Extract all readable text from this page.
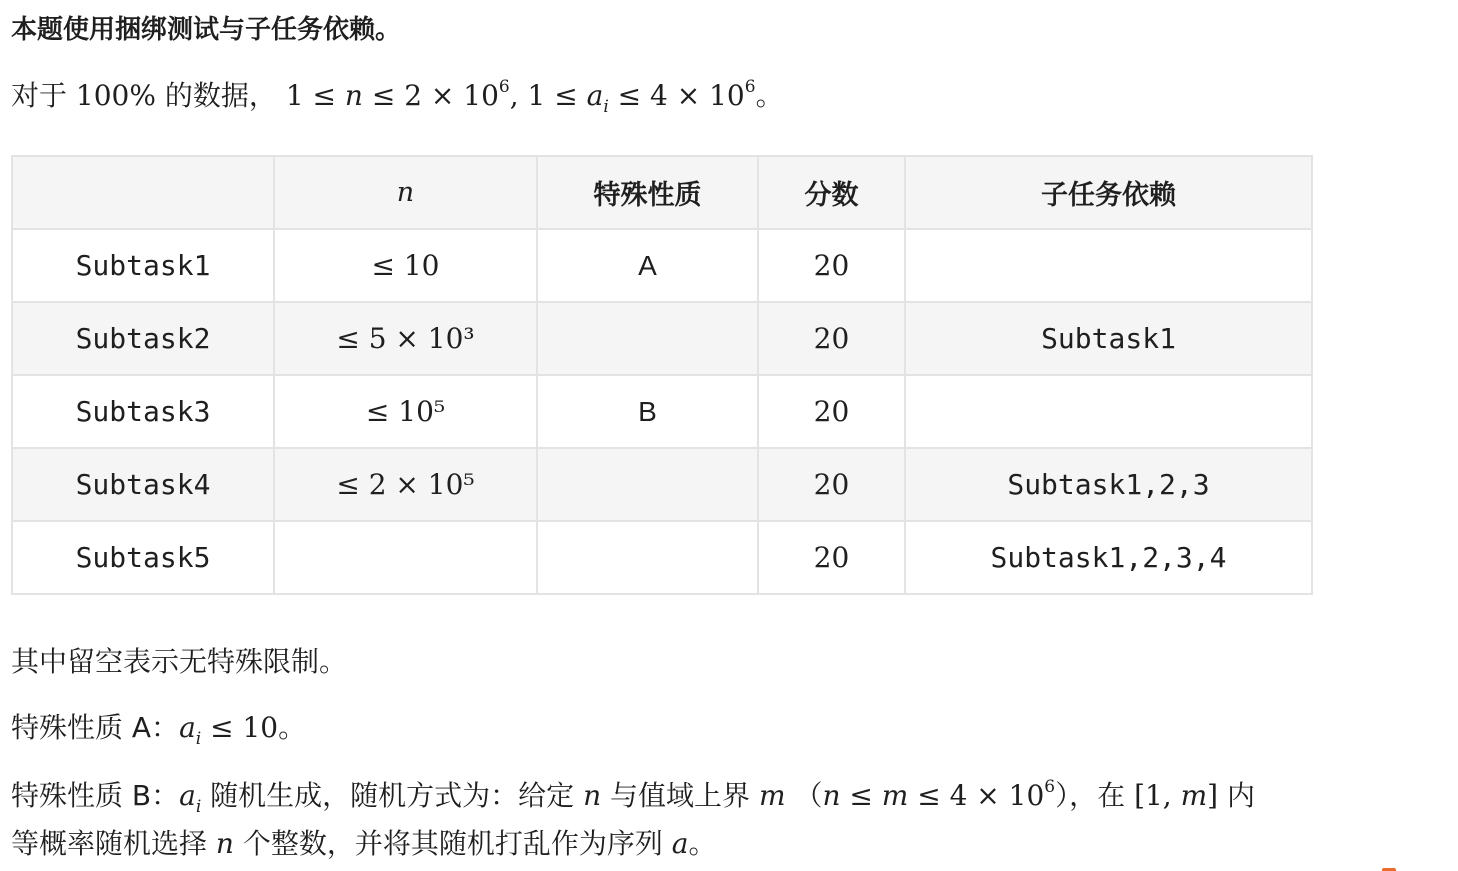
本题使用捆绑测试与子任务依赖。
对于 100% 的数据， $1 \le n \le 2 \times 10^6$, $1 \le a_i \le 4 \times 10^6$。
	n	特殊性质	分数	子任务依赖
Subtask1	≤ 10	A	20	
Subtask2	≤ 5 × 10³		20	Subtask1
Subtask3	≤ 10⁵	B	20	
Subtask4	≤ 2 × 10⁵		20	Subtask1,2,3
Subtask5			20	Subtask1,2,3,4
其中留空表示无特殊限制。
特殊性质 A：$a_i \le 10$。
特殊性质 B：$a_i$ 随机生成，随机方式为：给定 n 与值域上界 m $(n \le m \le 4 \times 10^6)$，在 [1, m] 内
等概率随机选择 n 个整数，并将其随机打乱作为序列 a。
